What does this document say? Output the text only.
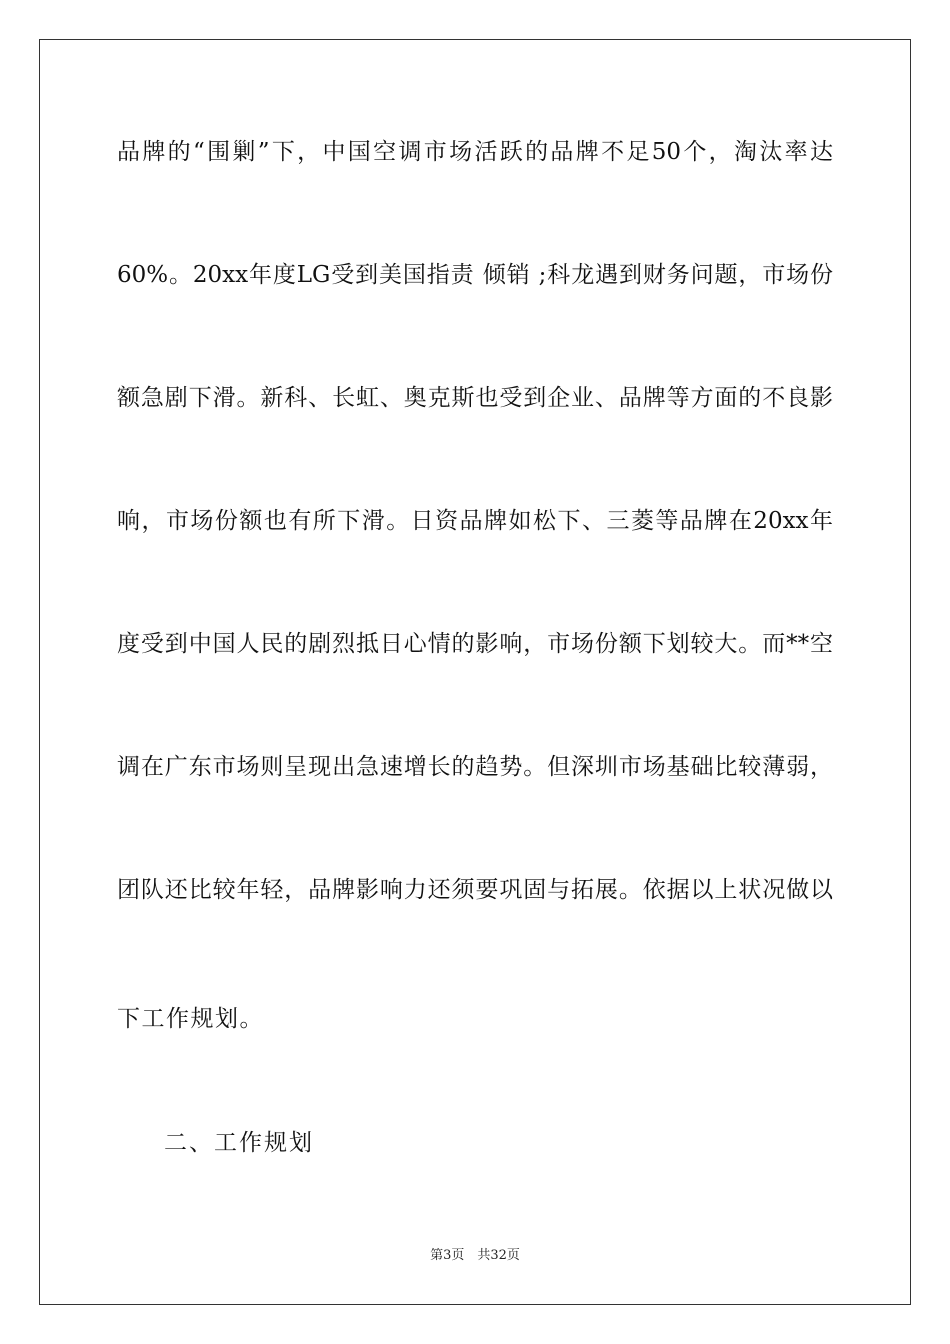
品牌的“围剿”下，中国空调市场活跃的品牌不足50个，淘汰率达
60%。20xx年度LG受到美国指责 倾销 ;科龙遇到财务问题，市场份
额急剧下滑。新科、长虹、奥克斯也受到企业、品牌等方面的不良影
响，市场份额也有所下滑。日资品牌如松下、三菱等品牌在20xx年
度受到中国人民的剧烈抵日心情的影响，市场份额下划较大。而**空
调在广东市场则呈现出急速增长的趋势。但深圳市场基础比较薄弱，
团队还比较年轻，品牌影响力还须要巩固与拓展。依据以上状况做以
下工作规划。
二、工作规划
第3页　共32页
